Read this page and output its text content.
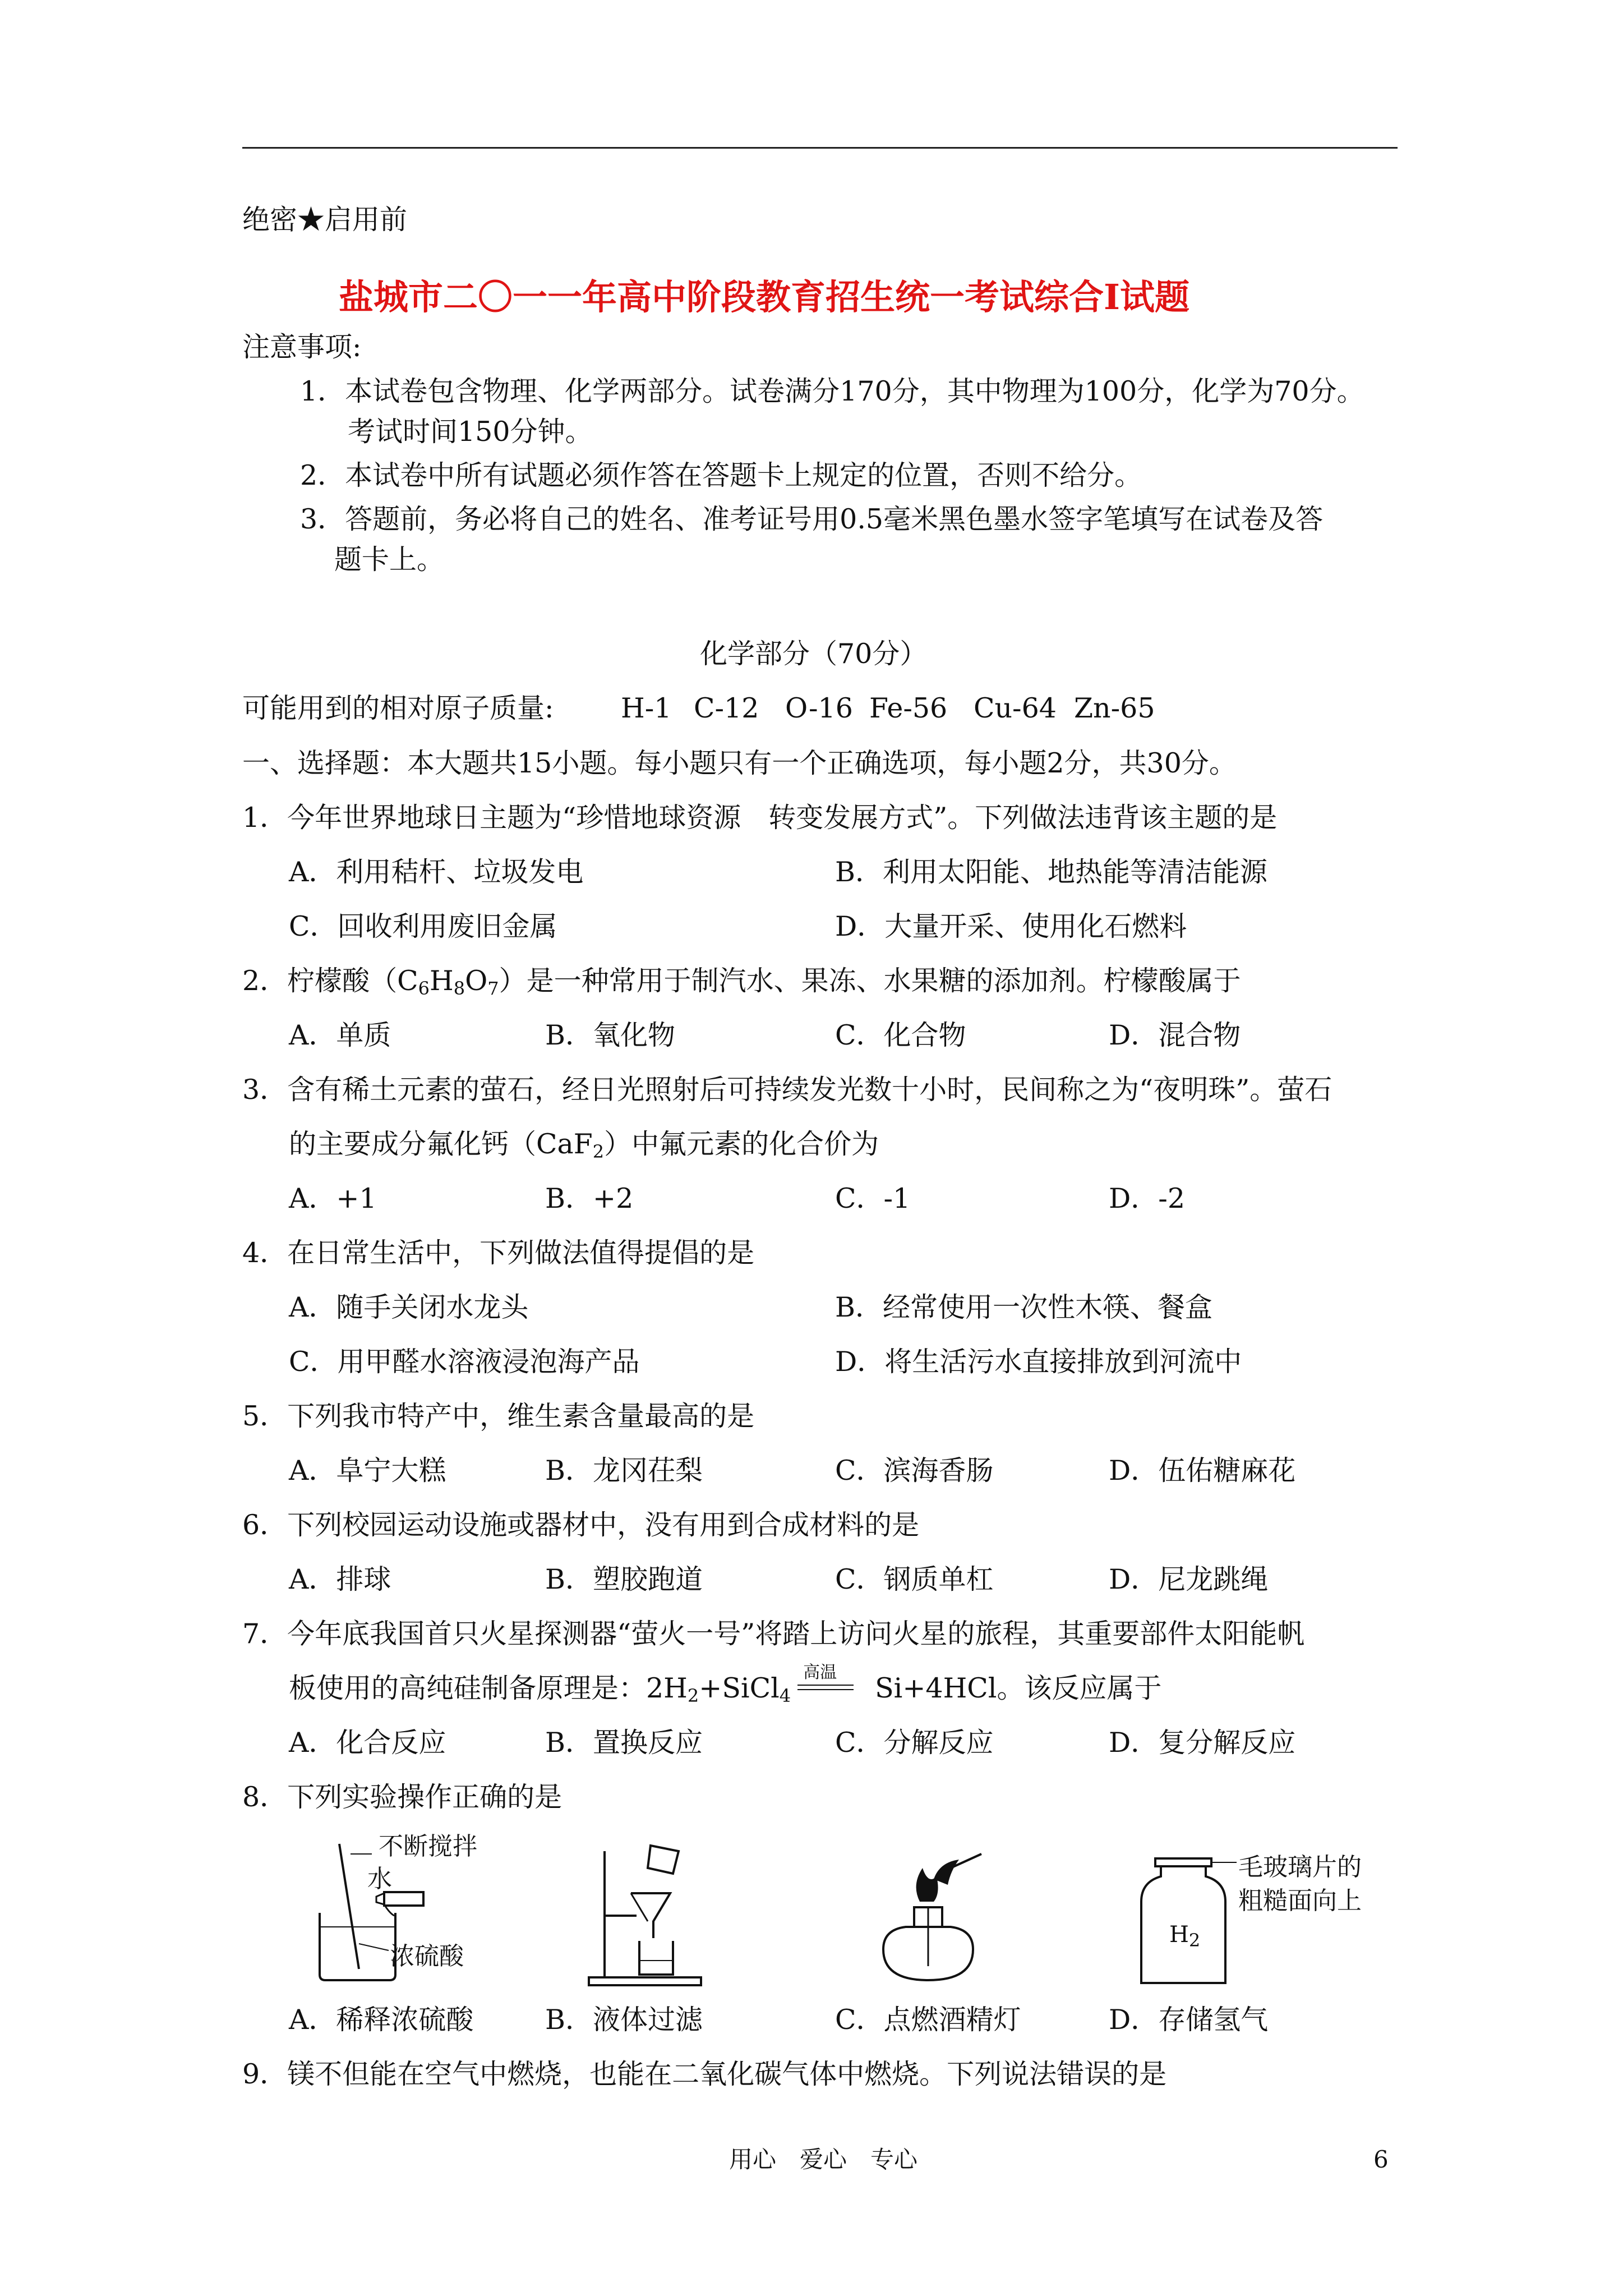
绝密★启用前
盐城市二〇一一年高中阶段教育招生统一考试综合Ⅰ试题
注意事项:
1．本试卷包含物理、化学两部分。试卷满分170分，其中物理为100分，化学为70分。
考试时间150分钟。
2．本试卷中所有试题必须作答在答题卡上规定的位置，否则不给分。
3．答题前，务必将自己的姓名、准考证号用0.5毫米黑色墨水签字笔填写在试卷及答
题卡上。
化学部分（70分）
可能用到的相对原子质量: H-1 C-12 O-16 Fe-56 Cu-64 Zn-65
一、选择题：本大题共15小题。每小题只有一个正确选项，每小题2分，共30分。
1．今年世界地球日主题为“珍惜地球资源　转变发展方式”。下列做法违背该主题的是
A．利用秸杆、垃圾发电	B．利用太阳能、地热能等清洁能源
C．回收利用废旧金属	D．大量开采、使用化石燃料
2．柠檬酸$(C_6H_8O_7)$是一种常用于制汽水、果冻、水果糖的添加剂。柠檬酸属于
A．单质	B．氧化物	C．化合物	D．混合物
3．含有稀土元素的萤石，经日光照射后可持续发光数十小时，民间称之为“夜明珠”。萤石
的主要成分氟化钙（CaF$_2$）中氟元素的化合价为
A．+1	B．+2	C．-1	D．-2
4．在日常生活中，下列做法值得提倡的是
A．随手关闭水龙头	B．经常使用一次性木筷、餐盒
C．用甲醛水溶液浸泡海产品	D．将生活污水直接排放到河流中
5．下列我市特产中，维生素含量最高的是
A．阜宁大糕	B．龙冈茌梨	C．滨海香肠	D．伍佑糖麻花
6．下列校园运动设施或器材中，没有用到合成材料的是
A．排球	B．塑胶跑道	C．钢质单杠	D．尼龙跳绳
7．今年底我国首只火星探测器“萤火一号”将踏上访问火星的旅程，其重要部件太阳能帆
板使用的高纯硅制备原理是：$2H_2+SiCl_4$
高温 Si+4HCl。该反应属于
A．化合反应	B．置换反应	C．分解反应	D．复分解反应
8．下列实验操作正确的是
不断搅拌
水
浓硫酸
$H_2$
毛玻璃片的
粗糙面向上
A．稀释浓硫酸	B．液体过滤	C．点燃酒精灯	D．存储氢气
9．镁不但能在空气中燃烧，也能在二氧化碳气体中燃烧。下列说法错误的是
用心　爱心　专心	6
